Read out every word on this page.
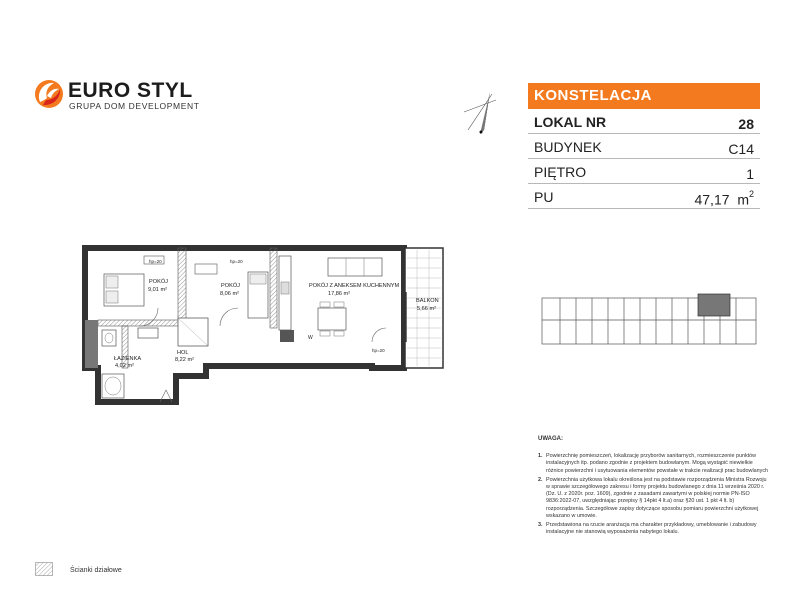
EURO STYL
GRUPA DOM DEVELOPMENT
KONSTELACJA
LOKAL NR	28
BUDYNEK	C14
PIĘTRO	1
PU	47,17 $m^2$
POKÓJ
9,01 m²
POKÓJ
8,06 m²
POKÓJ Z ANEKSEM KUCHENNYM
17,86 m²
BALKON
5,66 m²
HOL
8,22 m²
ŁAZIENKA
4,02 m²
hp=20	hp=20
hp=20
W
UWAGA:
1. Powierzchnię pomieszczeń, lokalizację przyborów sanitarnych, rozmieszczenie punktów instalacyjnych itp. podano zgodnie z projektem budowlanym. Mogą wystąpić niewielkie różnice powierzchni i usytuowania elementów powstałe w trakcie realizacji prac budowlanych
2. Powierzchnia użytkowa lokalu określona jest na podstawie rozporządzenia Ministra Rozwoju w sprawie szczegółowego zakresu i formy projektu budowlanego z dnia 11 września 2020 r. (Dz. U. z 2020r. poz. 1609), zgodnie z zasadami zawartymi w polskiej normie PN-ISO 9836:2022-07, uwzględniając przepisy § 14pkt 4 lt.a) oraz §20 ust. 1 pkt 4 lt. b) rozporządzenia. Szczegółowe zapisy dotyczące sposobu pomiaru powierzchni użytkowej wskazano w umowie.
3. Przedstawiona na rzucie aranżacja ma charakter przykładowy, umeblowanie i zabudowy instalacyjne nie stanowią wyposażenia nabytego lokalu.
Ścianki działowe
